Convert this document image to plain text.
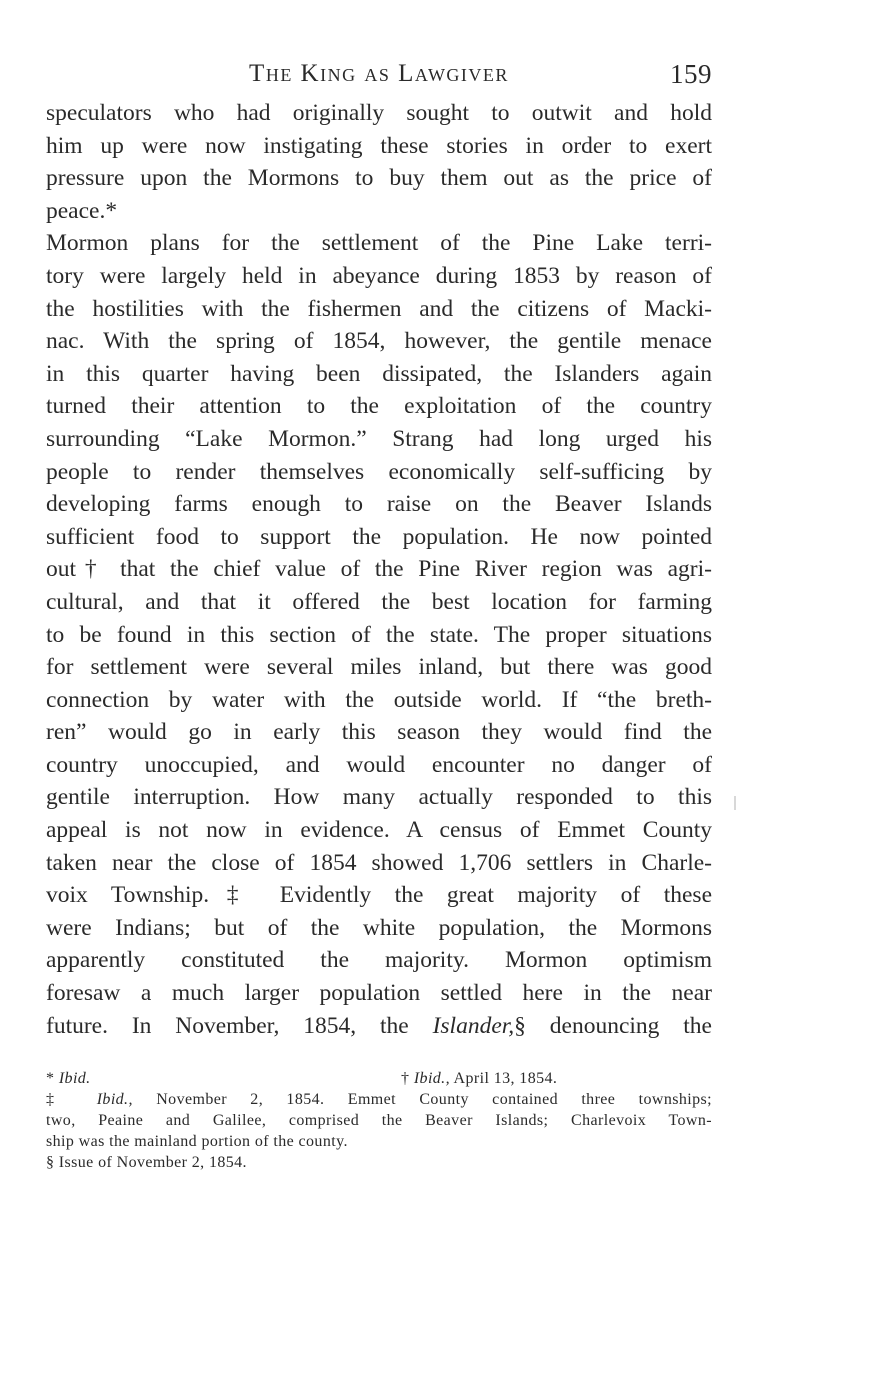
The King as Lawgiver	159
speculators who had originally sought to outwit and hold
him up were now instigating these stories in order to exert
pressure upon the Mormons to buy them out as the price of
peace.*
Mormon plans for the settlement of the Pine Lake terri-
tory were largely held in abeyance during 1853 by reason of
the hostilities with the fishermen and the citizens of Macki-
nac. With the spring of 1854, however, the gentile menace
in this quarter having been dissipated, the Islanders again
turned their attention to the exploitation of the country
surrounding “Lake Mormon.” Strang had long urged his
people to render themselves economically self-sufficing by
developing farms enough to raise on the Beaver Islands
sufficient food to support the population. He now pointed
out† that the chief value of the Pine River region was agri-
cultural, and that it offered the best location for farming
to be found in this section of the state. The proper situations
for settlement were several miles inland, but there was good
connection by water with the outside world. If “the breth-
ren” would go in early this season they would find the
country unoccupied, and would encounter no danger of
gentile interruption. How many actually responded to this
appeal is not now in evidence. A census of Emmet County
taken near the close of 1854 showed 1,706 settlers in Charle-
voix Township.‡ Evidently the great majority of these
were Indians; but of the white population, the Mormons
apparently constituted the majority. Mormon optimism
foresaw a much larger population settled here in the near
future. In November, 1854, the Islander,§ denouncing the
* Ibid.	† Ibid., April 13, 1854.
‡ Ibid., November 2, 1854. Emmet County contained three townships;
two, Peaine and Galilee, comprised the Beaver Islands; Charlevoix Town-
ship was the mainland portion of the county.
§ Issue of November 2, 1854.
